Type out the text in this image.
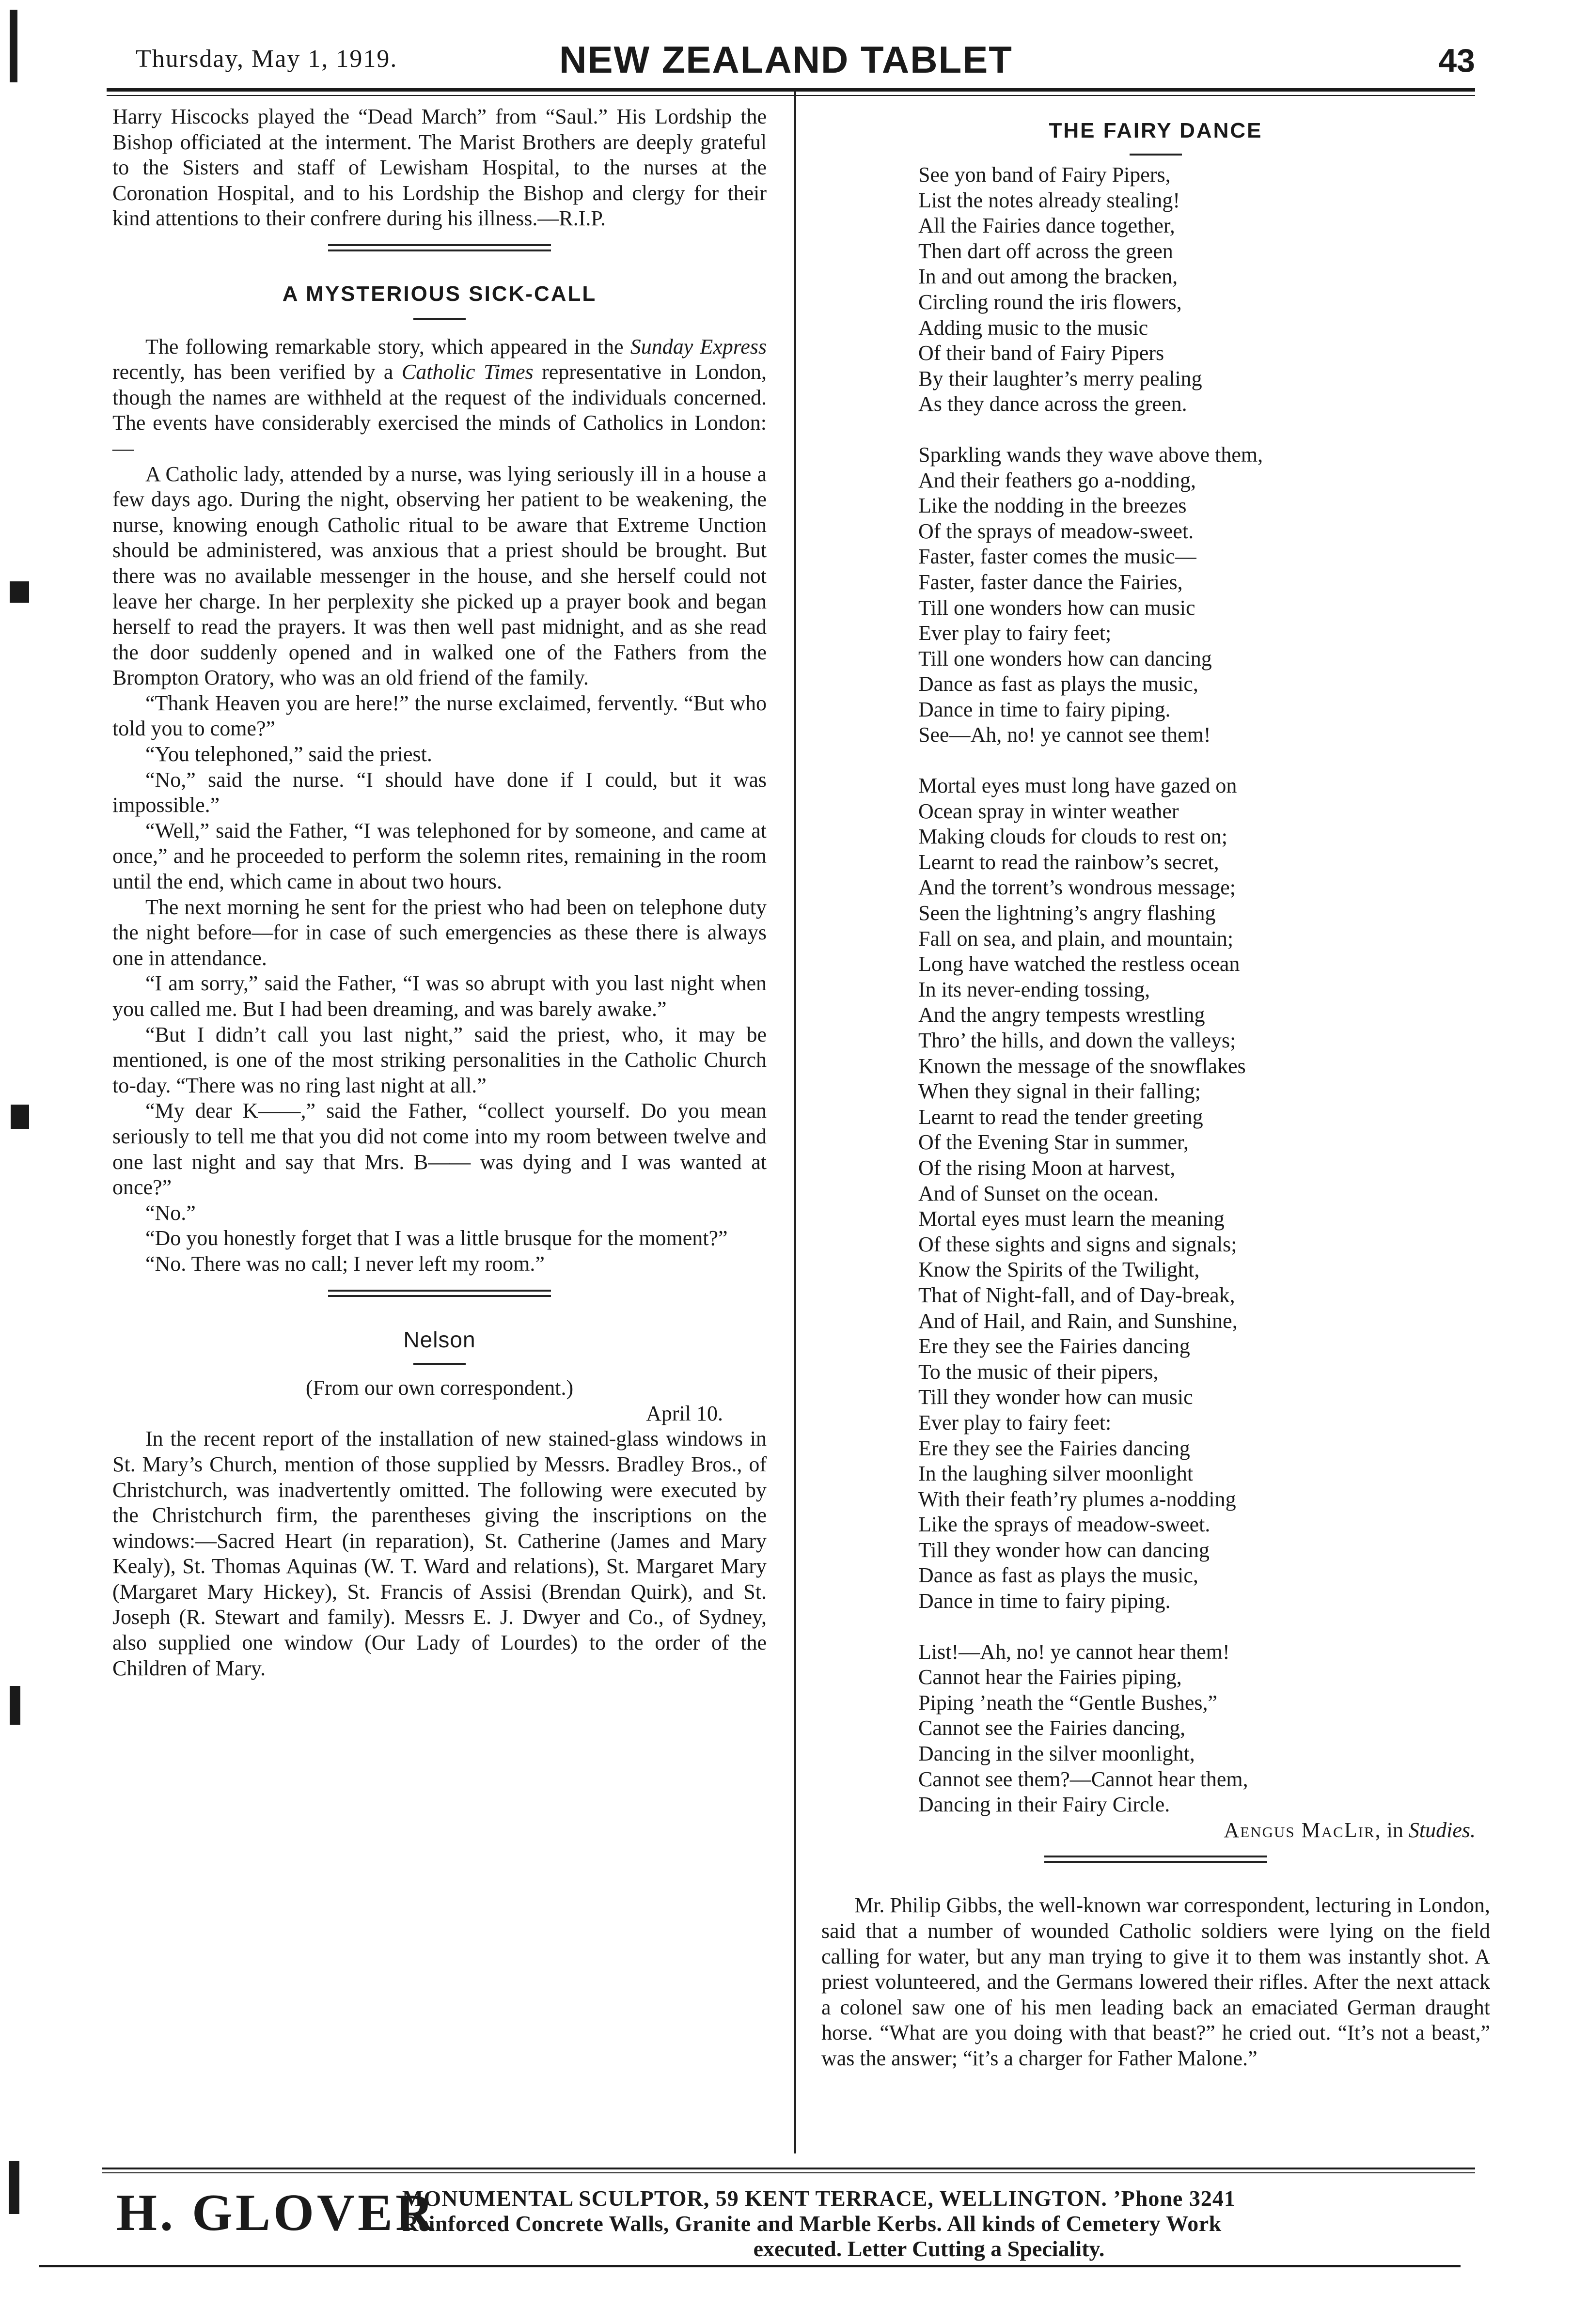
Thursday, May 1, 1919.	NEW ZEALAND TABLET	43

Harry Hiscocks played the “Dead March” from “Saul.” His Lordship the Bishop officiated at the interment. The Marist Brothers are deeply grateful to the Sisters and staff of Lewisham Hospital, to the nurses at the Coronation Hospital, and to his Lordship the Bishop and clergy for their kind attentions to their confrere during his illness.—R.I.P.

A MYSTERIOUS SICK-CALL

The following remarkable story, which appeared in the Sunday Express recently, has been verified by a Catholic Times representative in London, though the names are withheld at the request of the individuals concerned. The events have considerably exercised the minds of Catholics in London:—

A Catholic lady, attended by a nurse, was lying seriously ill in a house a few days ago. During the night, observing her patient to be weakening, the nurse, knowing enough Catholic ritual to be aware that Extreme Unction should be administered, was anxious that a priest should be brought. But there was no available messenger in the house, and she herself could not leave her charge. In her perplexity she picked up a prayer book and began herself to read the prayers. It was then well past midnight, and as she read the door suddenly opened and in walked one of the Fathers from the Brompton Oratory, who was an old friend of the family.

“Thank Heaven you are here!” the nurse exclaimed, fervently. “But who told you to come?”

“You telephoned,” said the priest.

“No,” said the nurse. “I should have done if I could, but it was impossible.”

“Well,” said the Father, “I was telephoned for by someone, and came at once,” and he proceeded to perform the solemn rites, remaining in the room until the end, which came in about two hours.

The next morning he sent for the priest who had been on telephone duty the night before—for in case of such emergencies as these there is always one in attendance.

“I am sorry,” said the Father, “I was so abrupt with you last night when you called me. But I had been dreaming, and was barely awake.”

“But I didn’t call you last night,” said the priest, who, it may be mentioned, is one of the most striking personalities in the Catholic Church to-day. “There was no ring last night at all.”

“My dear K——,” said the Father, “collect yourself. Do you mean seriously to tell me that you did not come into my room between twelve and one last night and say that Mrs. B—— was dying and I was wanted at once?”

“No.”

“Do you honestly forget that I was a little brusque for the moment?”

“No. There was no call; I never left my room.”

Nelson
(From our own correspondent.)
April 10.

In the recent report of the installation of new stained-glass windows in St. Mary’s Church, mention of those supplied by Messrs. Bradley Bros., of Christchurch, was inadvertently omitted. The following were executed by the Christchurch firm, the parentheses giving the inscriptions on the windows:—Sacred Heart (in reparation), St. Catherine (James and Mary Kealy), St. Thomas Aquinas (W. T. Ward and relations), St. Margaret Mary (Margaret Mary Hickey), St. Francis of Assisi (Brendan Quirk), and St. Joseph (R. Stewart and family). Messrs E. J. Dwyer and Co., of Sydney, also supplied one window (Our Lady of Lourdes) to the order of the Children of Mary.

THE FAIRY DANCE
See yon band of Fairy Pipers,
List the notes already stealing!
All the Fairies dance together,
Then dart off across the green
In and out among the bracken,
Circling round the iris flowers,
Adding music to the music
Of their band of Fairy Pipers
By their laughter’s merry pealing
As they dance across the green.
Sparkling wands they wave above them,
And their feathers go a-nodding,
Like the nodding in the breezes
Of the sprays of meadow-sweet.
Faster, faster comes the music—
Faster, faster dance the Fairies,
Till one wonders how can music
Ever play to fairy feet;
Till one wonders how can dancing
Dance as fast as plays the music,
Dance in time to fairy piping.
See—Ah, no! ye cannot see them!
Mortal eyes must long have gazed on
Ocean spray in winter weather
Making clouds for clouds to rest on;
Learnt to read the rainbow’s secret,
And the torrent’s wondrous message;
Seen the lightning’s angry flashing
Fall on sea, and plain, and mountain;
Long have watched the restless ocean
In its never-ending tossing,
And the angry tempests wrestling
Thro’ the hills, and down the valleys;
Known the message of the snowflakes
When they signal in their falling;
Learnt to read the tender greeting
Of the Evening Star in summer,
Of the rising Moon at harvest,
And of Sunset on the ocean.
Mortal eyes must learn the meaning
Of these sights and signs and signals;
Know the Spirits of the Twilight,
That of Night-fall, and of Day-break,
And of Hail, and Rain, and Sunshine,
Ere they see the Fairies dancing
To the music of their pipers,
Till they wonder how can music
Ever play to fairy feet:
Ere they see the Fairies dancing
In the laughing silver moonlight
With their feath’ry plumes a-nodding
Like the sprays of meadow-sweet.
Till they wonder how can dancing
Dance as fast as plays the music,
Dance in time to fairy piping.
List!—Ah, no! ye cannot hear them!
Cannot hear the Fairies piping,
Piping ’neath the “Gentle Bushes,”
Cannot see the Fairies dancing,
Dancing in the silver moonlight,
Cannot see them?—Cannot hear them,
Dancing in their Fairy Circle.
Aengus MacLir, in Studies.

Mr. Philip Gibbs, the well-known war correspondent, lecturing in London, said that a number of wounded Catholic soldiers were lying on the field calling for water, but any man trying to give it to them was instantly shot. A priest volunteered, and the Germans lowered their rifles. After the next attack a colonel saw one of his men leading back an emaciated German draught horse. “What are you doing with that beast?” he cried out. “It’s not a beast,” was the answer; “it’s a charger for Father Malone.”

H. GLOVER
MONUMENTAL SCULPTOR, 59 KENT TERRACE, WELLINGTON. ’Phone 3241
Reinforced Concrete Walls, Granite and Marble Kerbs. All kinds of Cemetery Work
executed. Letter Cutting a Speciality.
